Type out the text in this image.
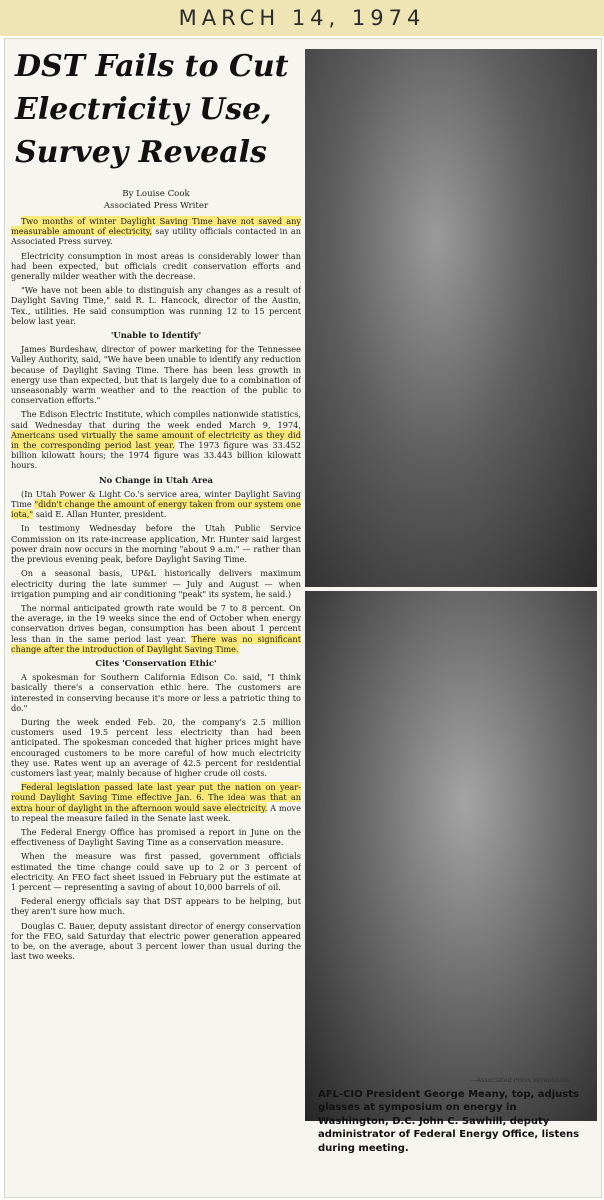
MARCH 14, 1974
DST Fails to Cut Electricity Use, Survey Reveals
By Louise Cook
Associated Press Writer

Two months of winter Daylight Saving Time have not saved any measurable amount of electricity, say utility officials contacted in an Associated Press survey.

Electricity consumption in most areas is considerably lower than had been expected, but officials credit conservation efforts and generally milder weather with the decrease.

"We have not been able to distinguish any changes as a result of Daylight Saving Time," said R. L. Hancock, director of the Austin, Tex., utilities. He said consumption was running 12 to 15 percent below last year.

'Unable to Identify'

James Burdeshaw, director of power marketing for the Tennessee Valley Authority, said, "We have been unable to identify any reduction because of Daylight Saving Time. There has been less growth in energy use than expected, but that is largely due to a combination of unseasonably warm weather and to the reaction of the public to conservation efforts."

The Edison Electric Institute, which compiles nationwide statistics, said Wednesday that during the week ended March 9, 1974, Americans used virtually the same amount of electricity as they did in the corresponding period last year. The 1973 figure was 33.452 billion kilowatt hours; the 1974 figure was 33.443 billion kilowatt hours.

No Change in Utah Area

(In Utah Power & Light Co.'s service area, winter Daylight Saving Time "didn't change the amount of energy taken from our system one iota," said E. Allan Hunter, president.

In testimony Wednesday before the Utah Public Service Commission on its rate-increase application, Mr. Hunter said largest power drain now occurs in the morning "about 9 a.m." — rather than the previous evening peak, before Daylight Saving Time.

On a seasonal basis, UP&L historically delivers maximum electricity during the late summer — July and August — when irrigation pumping and air conditioning "peak" its system, he said.)

The normal anticipated growth rate would be 7 to 8 percent. On the average, in the 19 weeks since the end of October when energy conservation drives began, consumption has been about 1 percent less than in the same period last year. There was no significant change after the introduction of Daylight Saving Time.

Cites 'Conservation Ethic'

A spokesman for Southern California Edison Co. said, "I think basically there's a conservation ethic here. The customers are interested in conserving because it's more or less a patriotic thing to do."

During the week ended Feb. 20, the company's 2.5 million customers used 19.5 percent less electricity than had been anticipated. The spokesman conceded that higher prices might have encouraged customers to be more careful of how much electricity they use. Rates went up an average of 42.5 percent for residential customers last year, mainly because of higher crude oil costs.

Federal legislation passed late last year put the nation on year-round Daylight Saving Time effective Jan. 6. The idea was that an extra hour of daylight in the afternoon would save electricity. A move to repeal the measure failed in the Senate last week.

The Federal Energy Office has promised a report in June on the effectiveness of Daylight Saving Time as a conservation measure.

When the measure was first passed, government officials estimated the time change could save up to 2 or 3 percent of electricity. An FEO fact sheet issued in February put the estimate at 1 percent — representing a saving of about 10,000 barrels of oil.

Federal energy officials say that DST appears to be helping, but they aren't sure how much.

Douglas C. Bauer, deputy assistant director of energy conservation for the FEO, said Saturday that electric power generation appeared to be, on the average, about 3 percent lower than usual during the last two weeks.

—Associated Press Wirephotos
AFL-CIO President George Meany, top, adjusts glasses at symposium on energy in Washington, D.C. John C. Sawhill, deputy administrator of Federal Energy Office, listens during meeting.
